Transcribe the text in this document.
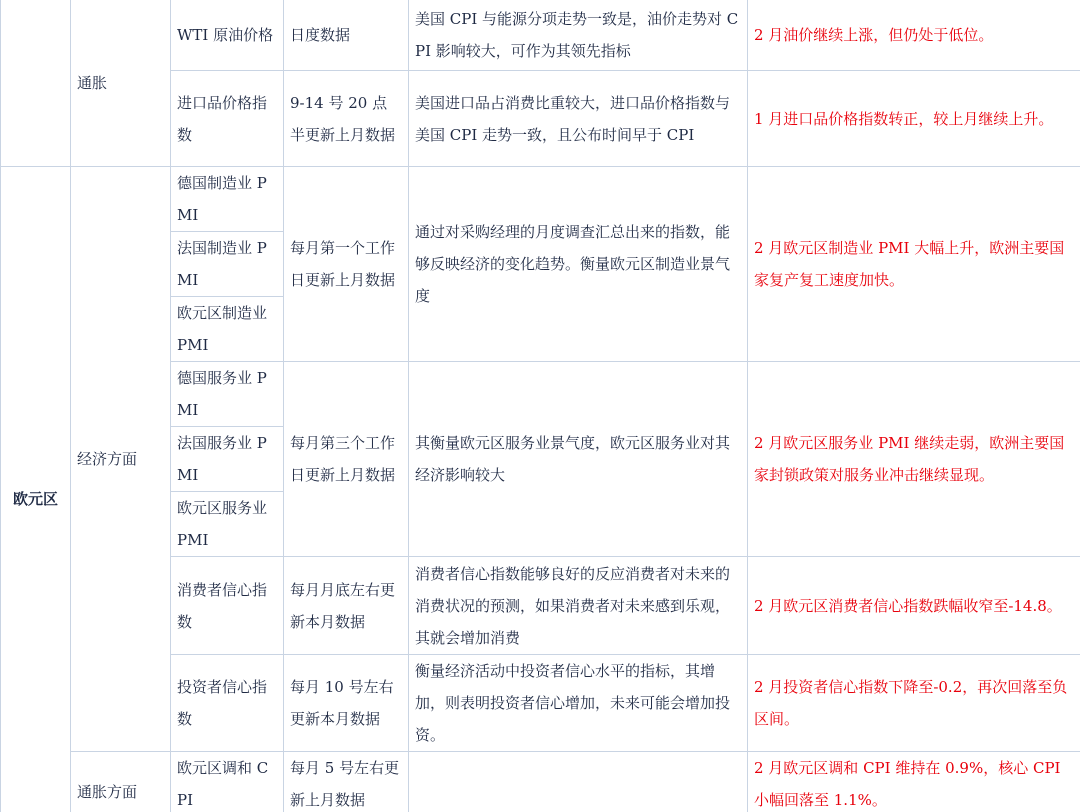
	通胀	WTI 原油价格	日度数据	美国 CPI 与能源分项走势一致是，油价走势对 CPI 影响较大，可作为其领先指标	2 月油价继续上涨，但仍处于低位。
		进口品价格指数	9-14 号 20 点半更新上月数据	美国进口品占消费比重较大，进口品价格指数与美国 CPI 走势一致，且公布时间早于 CPI	1 月进口品价格指数转正，较上月继续上升。
欧元区	经济方面	德国制造业 PMI	每月第一个工作日更新上月数据	通过对采购经理的月度调查汇总出来的指数，能够反映经济的变化趋势。衡量欧元区制造业景气度	2 月欧元区制造业 PMI 大幅上升，欧洲主要国家复产复工速度加快。
		法国制造业 PMI			
		欧元区制造业 PMI			
		德国服务业 PMI	每月第三个工作日更新上月数据	其衡量欧元区服务业景气度，欧元区服务业对其经济影响较大	2 月欧元区服务业 PMI 继续走弱，欧洲主要国家封锁政策对服务业冲击继续显现。
		法国服务业 PMI			
		欧元区服务业 PMI			
		消费者信心指数	每月月底左右更新本月数据	消费者信心指数能够良好的反应消费者对未来的消费状况的预测，如果消费者对未来感到乐观，其就会增加消费	2 月欧元区消费者信心指数跌幅收窄至-14.8。
		投资者信心指数	每月 10 号左右更新本月数据	衡量经济活动中投资者信心水平的指标，其增加，则表明投资者信心增加，未来可能会增加投资。	2 月投资者信心指数下降至-0.2，再次回落至负区间。
	通胀方面	欧元区调和 CPI	每月 5 号左右更新上月数据		2 月欧元区调和 CPI 维持在 0.9%，核心 CPI 小幅回落至 1.1%。
